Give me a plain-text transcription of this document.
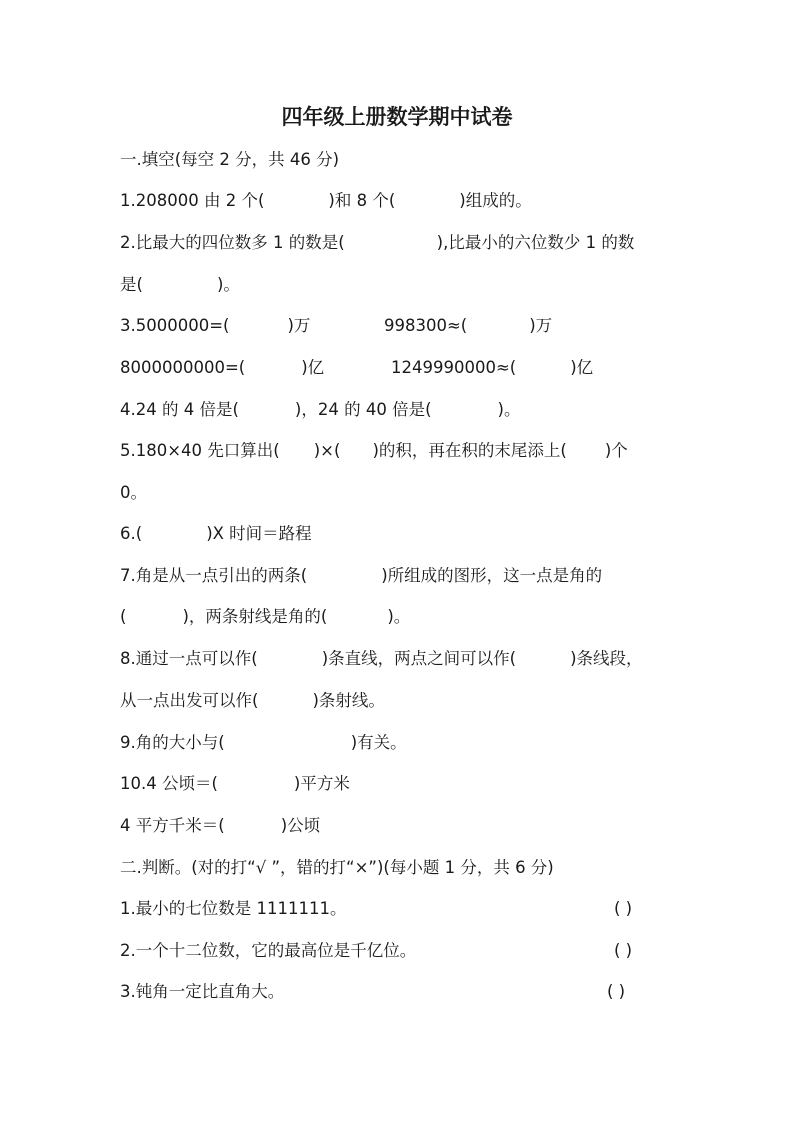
四年级上册数学期中试卷
一.填空(每空 2 分，共 46 分)
1.208000 由 2 个(	)和 8 个(	)组成的。
2.比最大的四位数多 1 的数是(	),比最小的六位数少 1 的数
是(	)。
3.5000000=(	)万	998300≈(	)万
8000000000=(	)亿	1249990000≈(	)亿
4.24 的 4 倍是(	)，24 的 40 倍是(	)。
5.180×40 先口算出( )×( )的积，再在积的末尾添上( )个
0。
6.(	)X 时间＝路程
7.角是从一点引出的两条(	)所组成的图形，这一点是角的
(	)，两条射线是角的(	)。
8.通过一点可以作(	)条直线，两点之间可以作(	)条线段，
从一点出发可以作(	)条射线。
9.角的大小与(	)有关。
10.4 公顷＝(	)平方米
4 平方千米＝(	)公顷
二.判断。(对的打“√ ”，错的打“×”)(每小题 1 分，共 6 分)
1.最小的七位数是 1111111。	( )
2.一个十二位数，它的最高位是千亿位。	( )
3.钝角一定比直角大。	( )
